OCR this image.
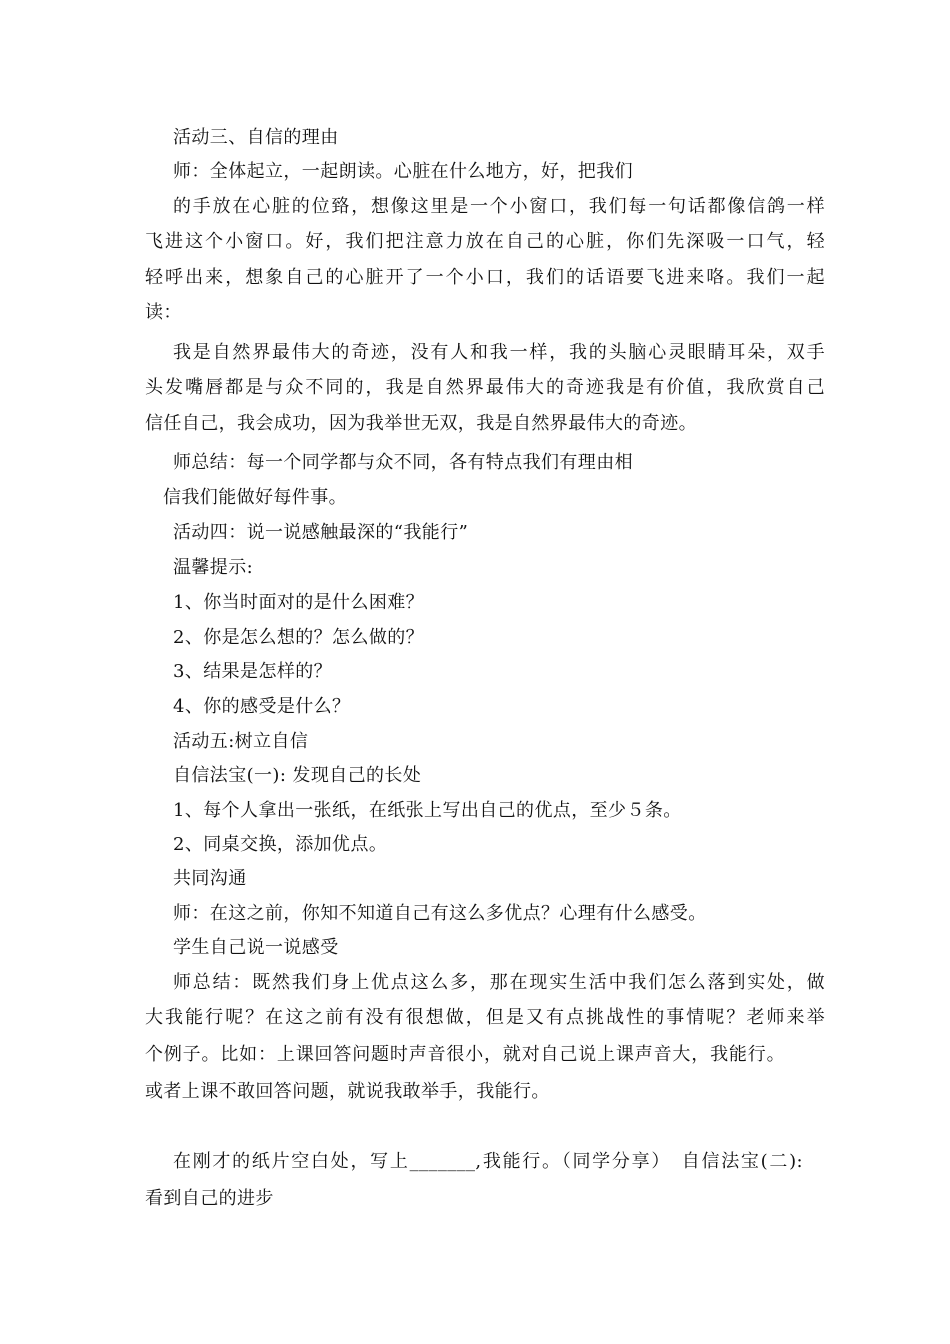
活动三、自信的理由
师：全体起立，一起朗读。心脏在什么地方，好，把我们
的手放在心脏的位臵，想像这里是一个小窗口，我们每一句话都像信鸽一样
飞进这个小窗口。好，我们把注意力放在自己的心脏，你们先深吸一口气，轻
轻呼出来，想象自己的心脏开了一个小口，我们的话语要飞进来咯。我们一起
读：
我是自然界最伟大的奇迹，没有人和我一样，我的头脑心灵眼睛耳朵，双手
头发嘴唇都是与众不同的，我是自然界最伟大的奇迹我是有价值，我欣赏自己
信任自己，我会成功，因为我举世无双，我是自然界最伟大的奇迹。
师总结：每一个同学都与众不同，各有特点我们有理由相
信我们能做好每件事。
活动四：说一说感触最深的“我能行”
温馨提示:
1、你当时面对的是什么困难？
2、你是怎么想的？怎么做的？
3、结果是怎样的？
4、你的感受是什么？
活动五:树立自信
自信法宝(一): 发现自己的长处
1、每个人拿出一张纸，在纸张上写出自己的优点，至少５条。
2、同桌交换，添加优点。
共同沟通
师：在这之前，你知不知道自己有这么多优点？心理有什么感受。
学生自己说一说感受
师总结：既然我们身上优点这么多，那在现实生活中我们怎么落到实处，做
大我能行呢？在这之前有没有很想做，但是又有点挑战性的事情呢？老师来举
个例子。比如：上课回答问题时声音很小，就对自己说上课声音大，我能行。
或者上课不敢回答问题，就说我敢举手，我能行。
在刚才的纸片空白处，写上_______,我能行。（同学分享）　自信法宝(二):
看到自己的进步
